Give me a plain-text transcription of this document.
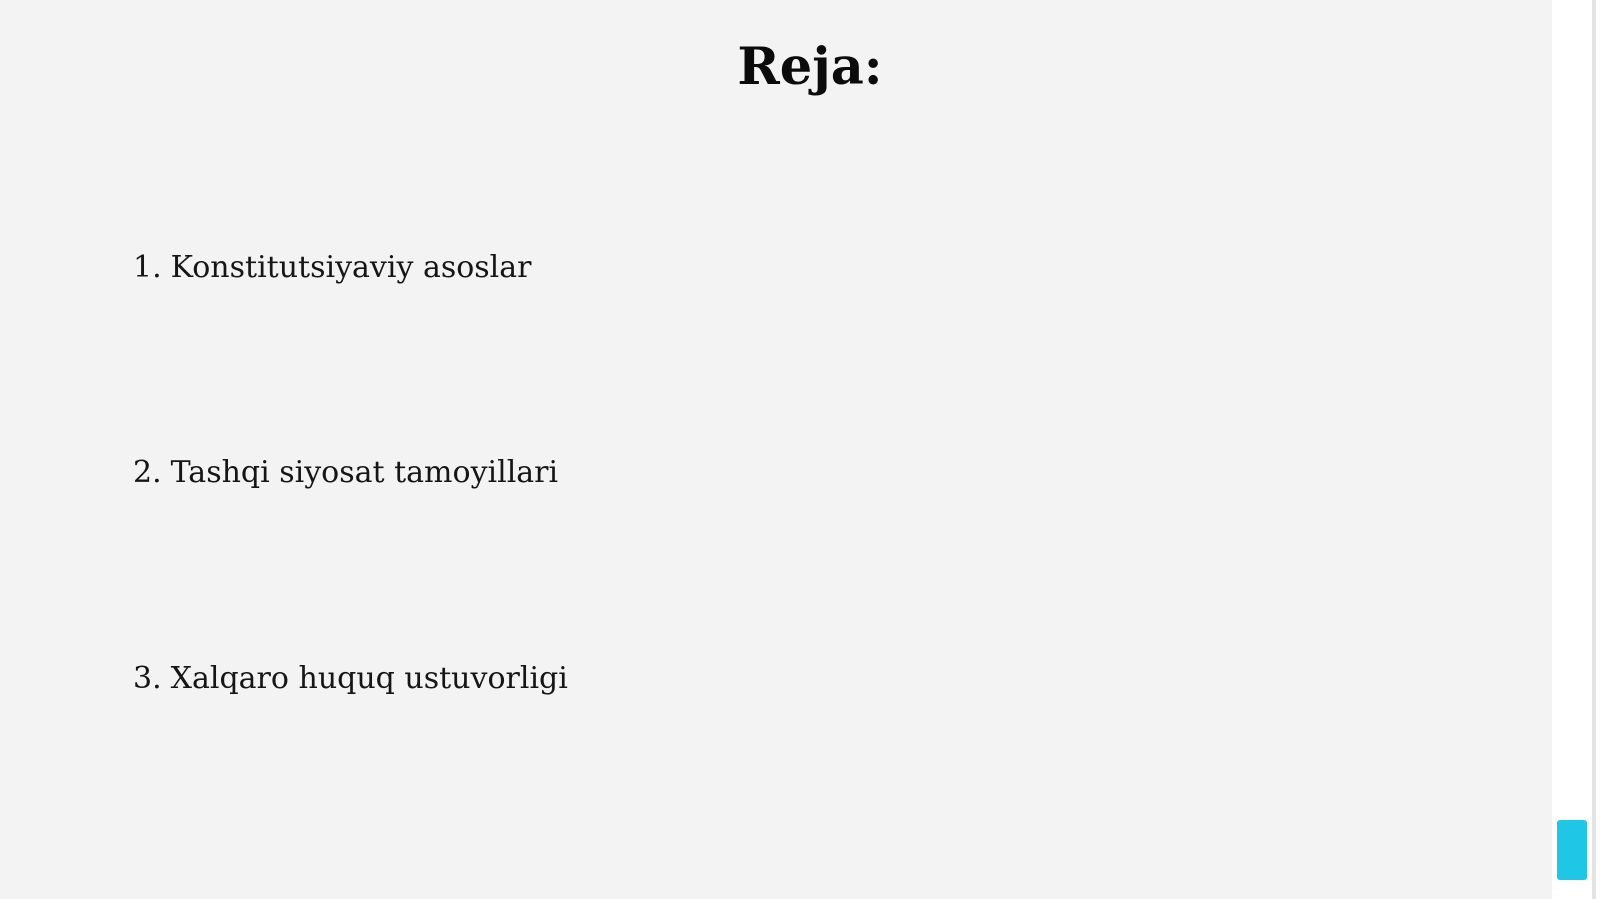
Reja:
1. Konstitutsiyaviy asoslar
2. Tashqi siyosat tamoyillari
3. Xalqaro huquq ustuvorligi
